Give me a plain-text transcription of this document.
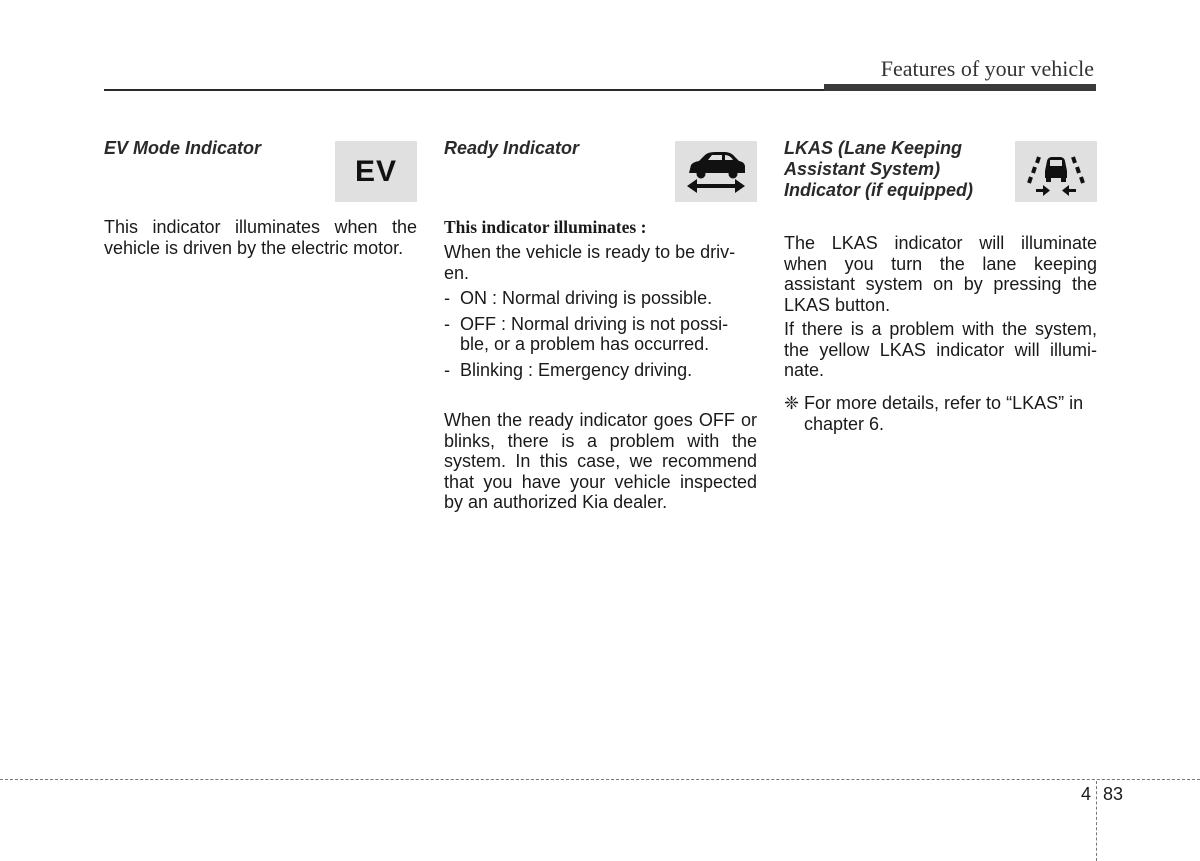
Features of your vehicle
EV Mode Indicator
EV

This indicator illuminates when the vehicle is driven by the electric motor.

Ready Indicator
This indicator illuminates :

When the vehicle is ready to be driv-en.

- ON : Normal driving is possible.
- OFF : Normal driving is not possi-ble, or a problem has occurred.
- Blinking : Emergency driving.

When the ready indicator goes OFF or blinks, there is a problem with the system. In this case, we recommend that you have your vehicle inspected by an authorized Kia dealer.

LKAS (Lane Keeping Assistant System) Indicator (if equipped)

The LKAS indicator will illuminate when you turn the lane keeping assistant system on by pressing the LKAS button.

If there is a problem with the system, the yellow LKAS indicator will illumi-nate.

❈ For more details, refer to “LKAS” in chapter 6.
4 83
